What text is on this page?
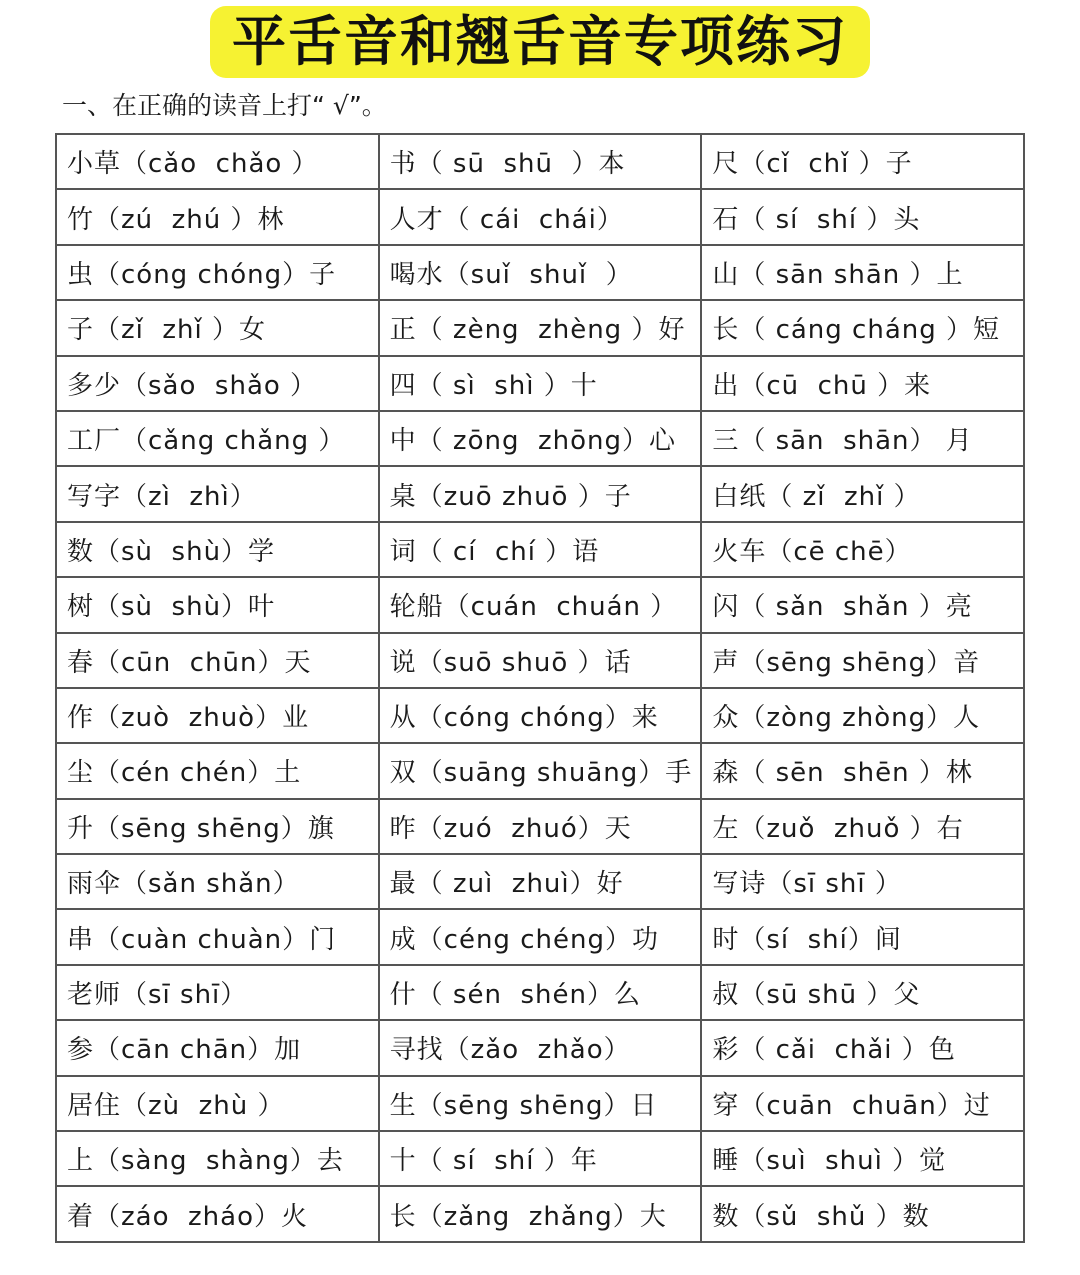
平舌音和翘舌音专项练习
一、在正确的读音上打“ √”。
小草（cǎo  chǎo ）	书（ sū  shū  ）本	尺（cǐ  chǐ ）子
竹（zú  zhú ）林	人才（ cái  chái）	石（ sí  shí ）头
虫（cóng chóng）子	喝水（suǐ  shuǐ  ）	山（ sān shān ）上
子（zǐ  zhǐ ）女	正（ zèng  zhèng ）好	长（ cáng cháng ）短
多少（sǎo  shǎo ）	四（ sì  shì ）十	出（cū  chū ）来
工厂（cǎng chǎng ）	中（ zōng  zhōng）心	三（ sān  shān） 月
写字（zì  zhì）	桌（zuō zhuō ）子	白纸（ zǐ  zhǐ ）
数（sù  shù）学	词（ cí  chí ）语	火车（cē chē）
树（sù  shù）叶	轮船（cuán  chuán ）	闪（ sǎn  shǎn ）亮
春（cūn  chūn）天	说（suō shuō ）话	声（sēng shēng）音
作（zuò  zhuò）业	从（cóng chóng）来	众（zòng zhòng）人
尘（cén chén）土	双（suāng shuāng）手	森（ sēn  shēn ）林
升（sēng shēng）旗	昨（zuó  zhuó）天	左（zuǒ  zhuǒ ）右
雨伞（sǎn shǎn）	最（ zuì  zhuì）好	写诗（sī shī ）
串（cuàn chuàn）门	成（céng chéng）功	时（sí  shí）间
老师（sī shī）	什（ sén  shén）么	叔（sū shū ）父
参（cān chān）加	寻找（zǎo  zhǎo）	彩（ cǎi  chǎi ）色
居住（zù  zhù ）	生（sēng shēng）日	穿（cuān  chuān）过
上（sàng  shàng）去	十（ sí  shí ）年	睡（suì  shuì ）觉
着（záo  zháo）火	长（zǎng  zhǎng）大	数（sǔ  shǔ ）数
